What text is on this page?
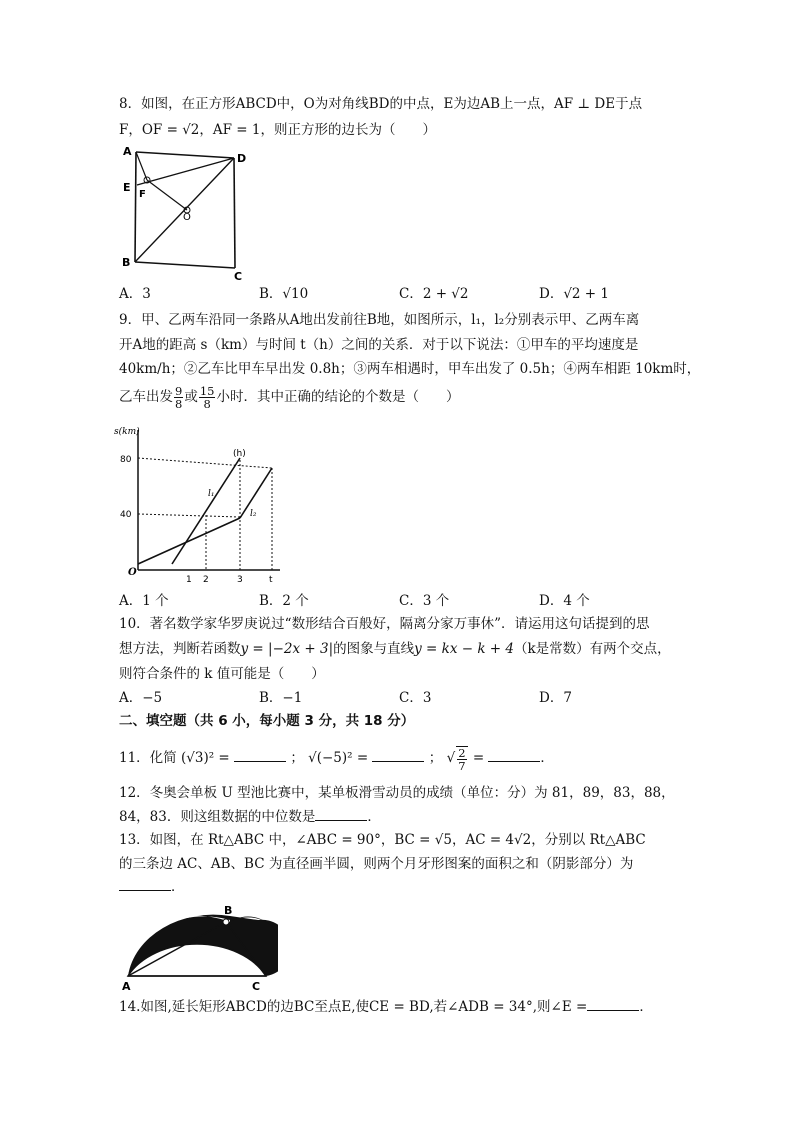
8．如图，在正方形ABCD中，O为对角线BD的中点，E为边AB上一点，AF ⊥ DE于点
F，OF = √2，AF = 1，则正方形的边长为（　　）
A
D
E
F
O
B
C
A．3	B．√10	C．2 + √2	D．√2 + 1
9．甲、乙两车沿同一条路从A地出发前往B地，如图所示，l₁，l₂分别表示甲、乙两车离
开A地的距高 s（km）与时间 t（h）之间的关系．对于以下说法：①甲车的平均速度是
40km/h；②乙车比甲车早出发 0.8h；③两车相遇时，甲车出发了 0.5h；④两车相距 10km时，
乙车出发 $\frac{9}{8}$ 或 $\frac{15}{8}$ 小时．其中正确的结论的个数是（　　）
s(km)
80
40
O
1 2	3	t
l₁
l₂
(h)
A．1 个	B．2 个	C．3 个	D．4 个
10．著名数学家华罗庚说过“数形结合百般好，隔离分家万事休”．请运用这句话提到的思
想方法，判断若函数y = |−2x + 3|的图象与直线y = kx − k + 4（k是常数）有两个交点，
则符合条件的 k 值可能是（　　）
A．−5	B．−1	C．3	D．7
二、填空题（共 6 小，每小题 3 分，共 18 分）
11．化简 (√3)² =	； √(−5)² =	； √ $\frac{2}{7}$ =	．
12．冬奥会单板 U 型池比赛中，某单板滑雪动员的成绩（单位：分）为 81，89，83，88，
84，83．则这组数据的中位数是	．
13．如图，在 Rt△ABC 中，∠ABC = 90°，BC = √5，AC = 4√2，分别以 Rt△ABC
的三条边 AC、AB、BC 为直径画半圆，则两个月牙形图案的面积之和（阴影部分）为
．
B
A	C
14.如图,延长矩形ABCD的边BC至点E,使CE = BD,若∠ADB = 34°,则∠E =	．
